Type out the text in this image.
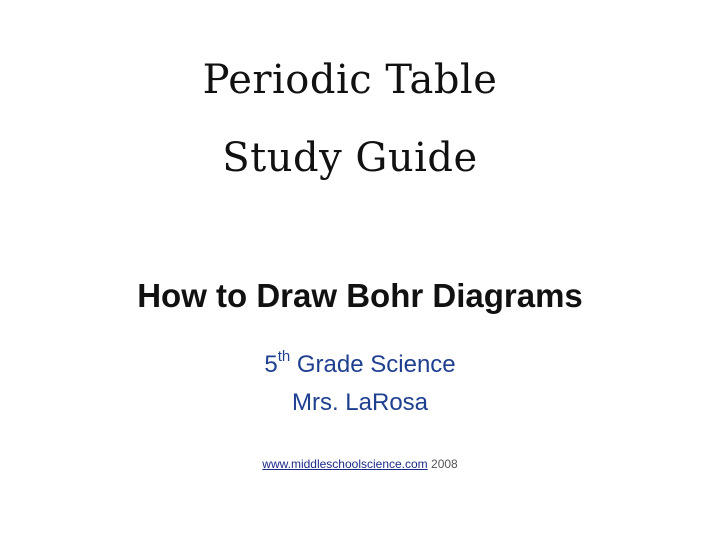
Periodic Table
Study Guide
How to Draw Bohr Diagrams
5th Grade Science
Mrs. LaRosa
www.middleschoolscience.com 2008
